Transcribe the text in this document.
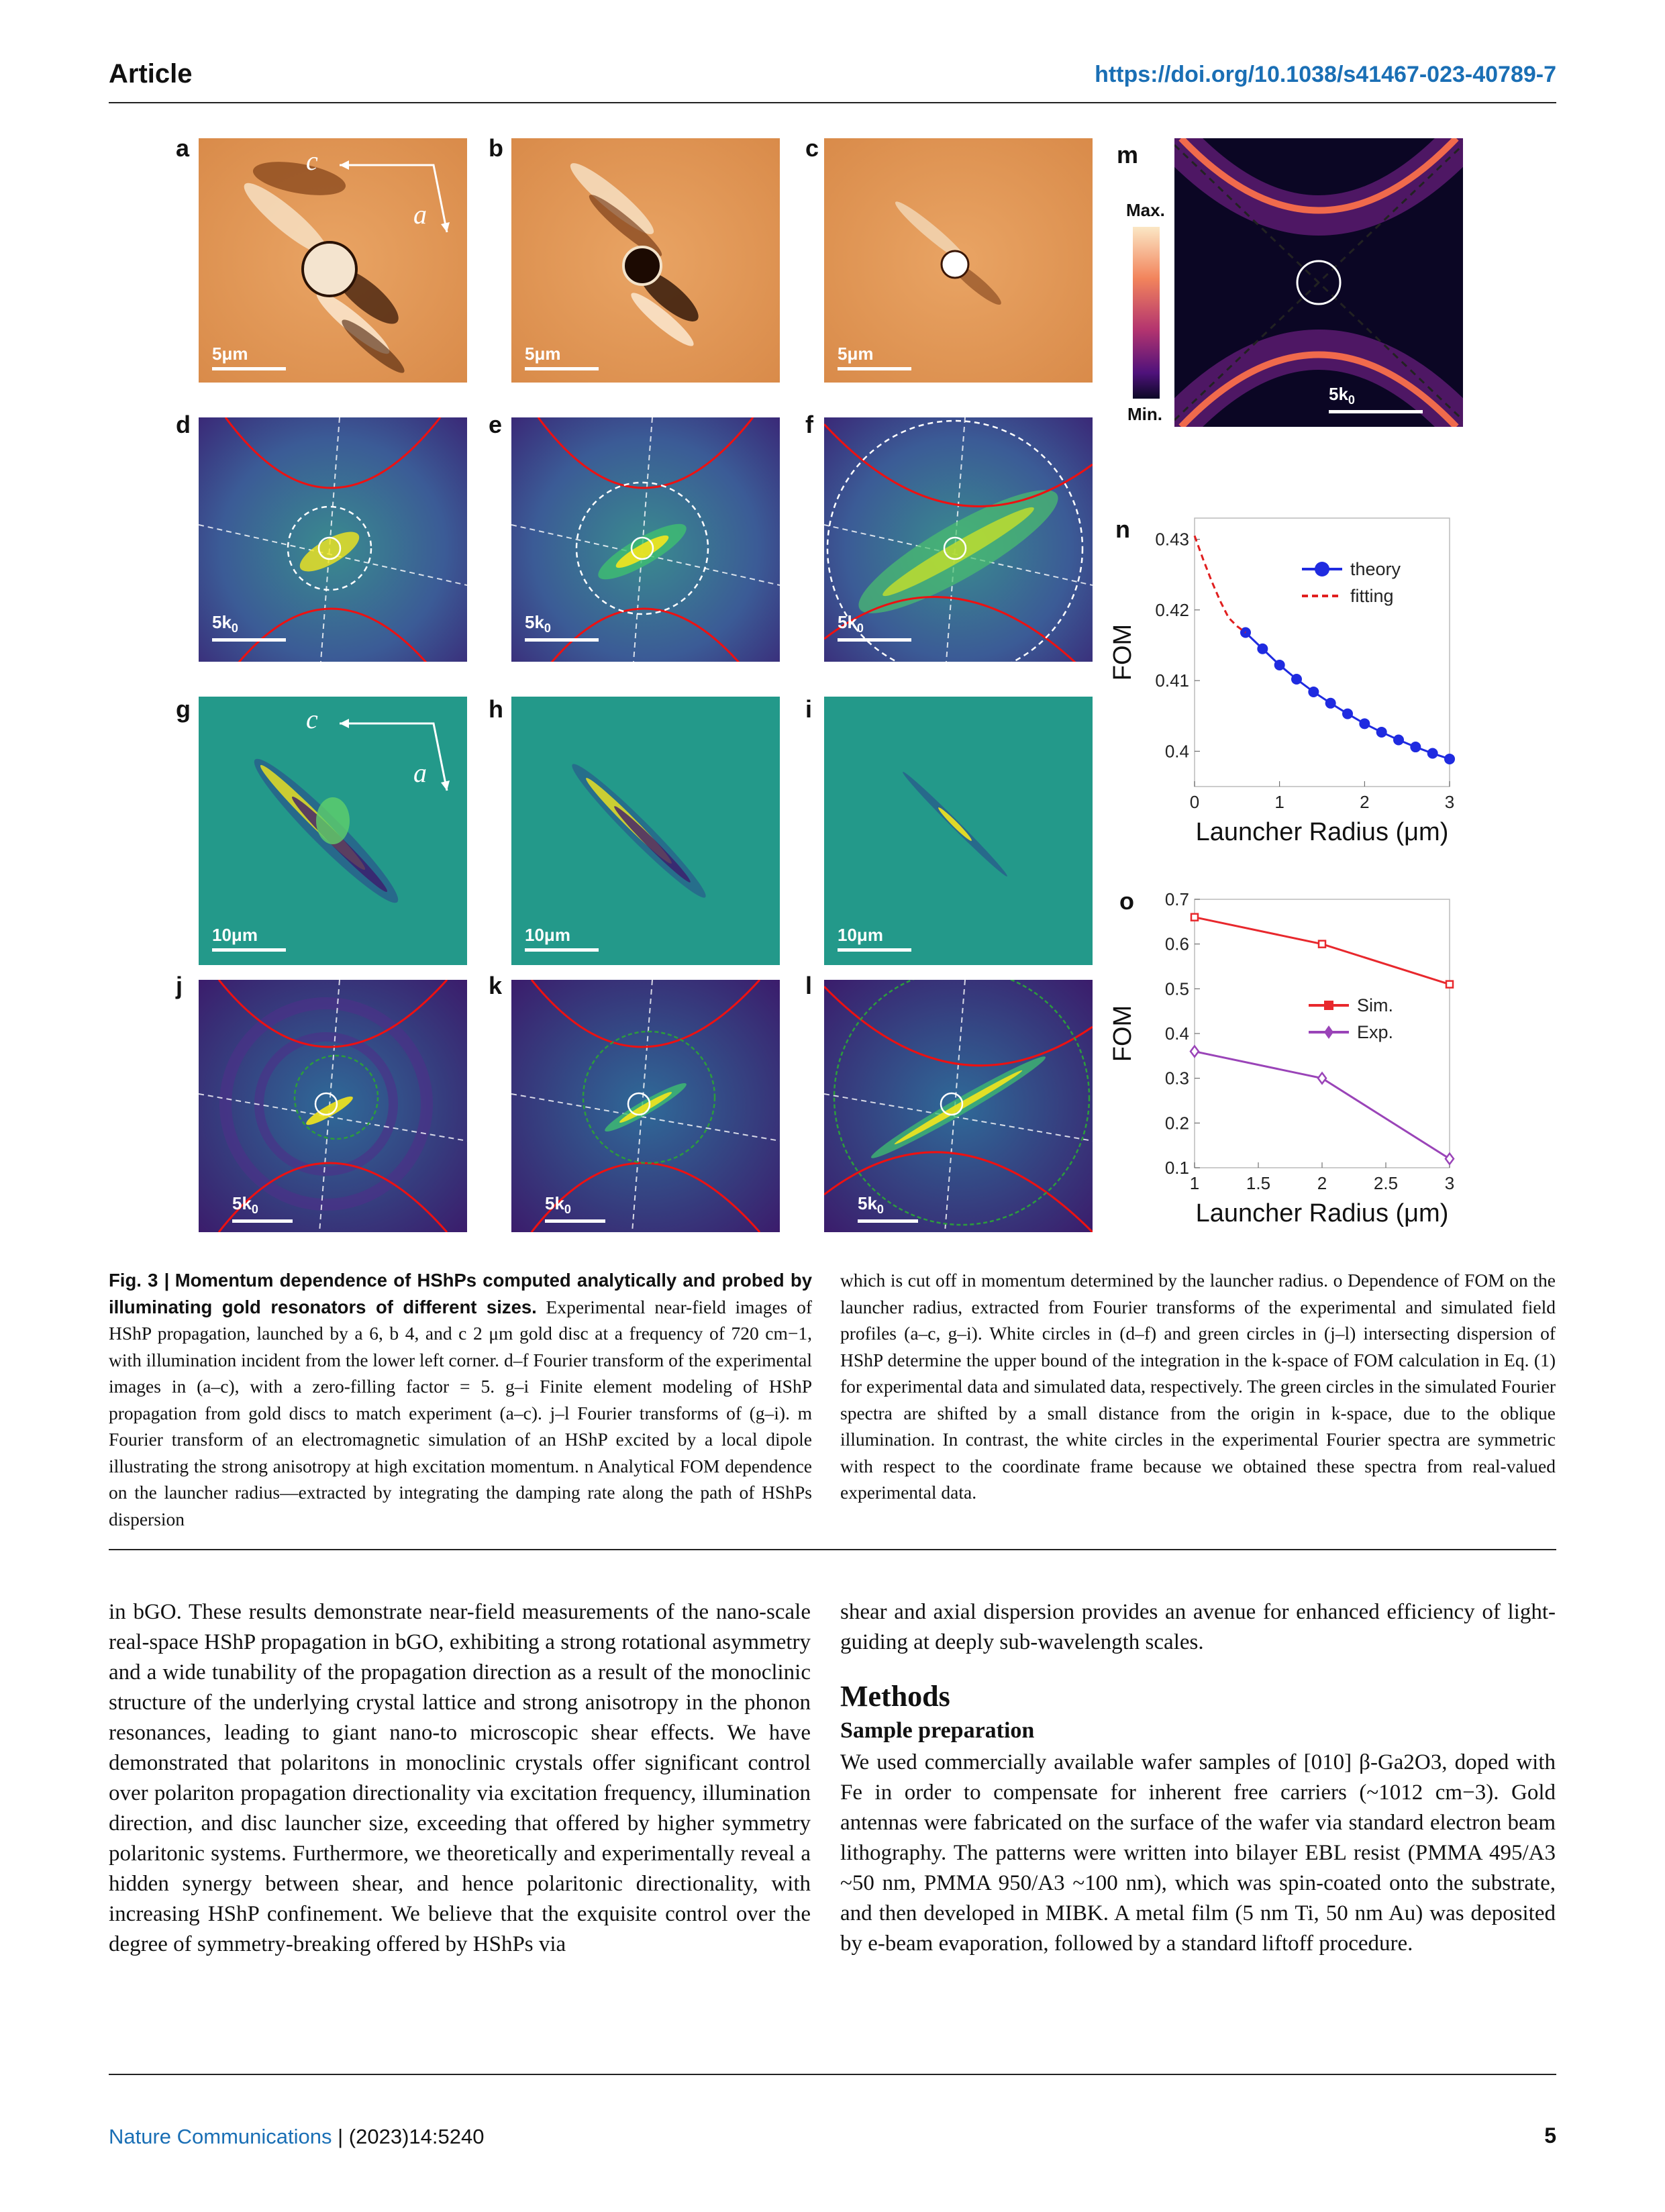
Article	https://doi.org/10.1038/s41467-023-40789-7
a	c
a
5μm
b
5μm
c
5μm
m
Max.
Min.
$5k_0$
d
$5k_0$
e
$5k_0$
f
$5k_0$
g	c
a
10μm
h
10μm
i
10μm
j
$5k_0$
k
$5k_0$
l
$5k_0$
n
0	1	2	3
0.4
0.41
0.42
0.43
Launcher Radius (μm)
FOM
theory
fitting
o
1	1.5	2	2.5	3
0.1
0.2
0.3
0.4
0.5
0.6
0.7
Launcher Radius (μm)
FOM	Sim.
Exp.
Fig. 3 | Momentum dependence of HShPs computed analytically and probed by illuminating gold resonators of different sizes. Experimental near-field images of HShP propagation, launched by a 6, b 4, and c 2 μm gold disc at a frequency of 720 cm−1, with illumination incident from the lower left corner. d–f Fourier transform of the experimental images in (a–c), with a zero-filling factor = 5. g–i Finite element modeling of HShP propagation from gold discs to match experiment (a–c). j–l Fourier transforms of (g–i). m Fourier transform of an electromagnetic simulation of an HShP excited by a local dipole illustrating the strong anisotropy at high excitation momentum. n Analytical FOM dependence on the launcher radius—extracted by integrating the damping rate along the path of HShPs dispersion
which is cut off in momentum determined by the launcher radius. o Dependence of FOM on the launcher radius, extracted from Fourier transforms of the experimental and simulated field profiles (a–c, g–i). White circles in (d–f) and green circles in (j–l) intersecting dispersion of HShP determine the upper bound of the integration in the k-space of FOM calculation in Eq. (1) for experimental data and simulated data, respectively. The green circles in the simulated Fourier spectra are shifted by a small distance from the origin in k-space, due to the oblique illumination. In contrast, the white circles in the experimental Fourier spectra are symmetric with respect to the coordinate frame because we obtained these spectra from real-valued experimental data.
in bGO. These results demonstrate near-field measurements of the nano-scale real-space HShP propagation in bGO, exhibiting a strong rotational asymmetry and a wide tunability of the propagation direction as a result of the monoclinic structure of the underlying crystal lattice and strong anisotropy in the phonon resonances, leading to giant nano-to microscopic shear effects. We have demonstrated that polaritons in monoclinic crystals offer significant control over polariton propagation directionality via excitation frequency, illumination direction, and disc launcher size, exceeding that offered by higher symmetry polaritonic systems. Furthermore, we theoretically and experimentally reveal a hidden synergy between shear, and hence polaritonic directionality, with increasing HShP confinement. We believe that the exquisite control over the degree of symmetry-breaking offered by HShPs via
shear and axial dispersion provides an avenue for enhanced efficiency of light-guiding at deeply sub-wavelength scales.
Methods
Sample preparation
We used commercially available wafer samples of [010] β-Ga2O3, doped with Fe in order to compensate for inherent free carriers (~1012 cm−3). Gold antennas were fabricated on the surface of the wafer via standard electron beam lithography. The patterns were written into bilayer EBL resist (PMMA 495/A3 ~50 nm, PMMA 950/A3 ~100 nm), which was spin-coated onto the substrate, and then developed in MIBK. A metal film (5 nm Ti, 50 nm Au) was deposited by e-beam evaporation, followed by a standard liftoff procedure.
Nature Communications | (2023)14:5240	5
